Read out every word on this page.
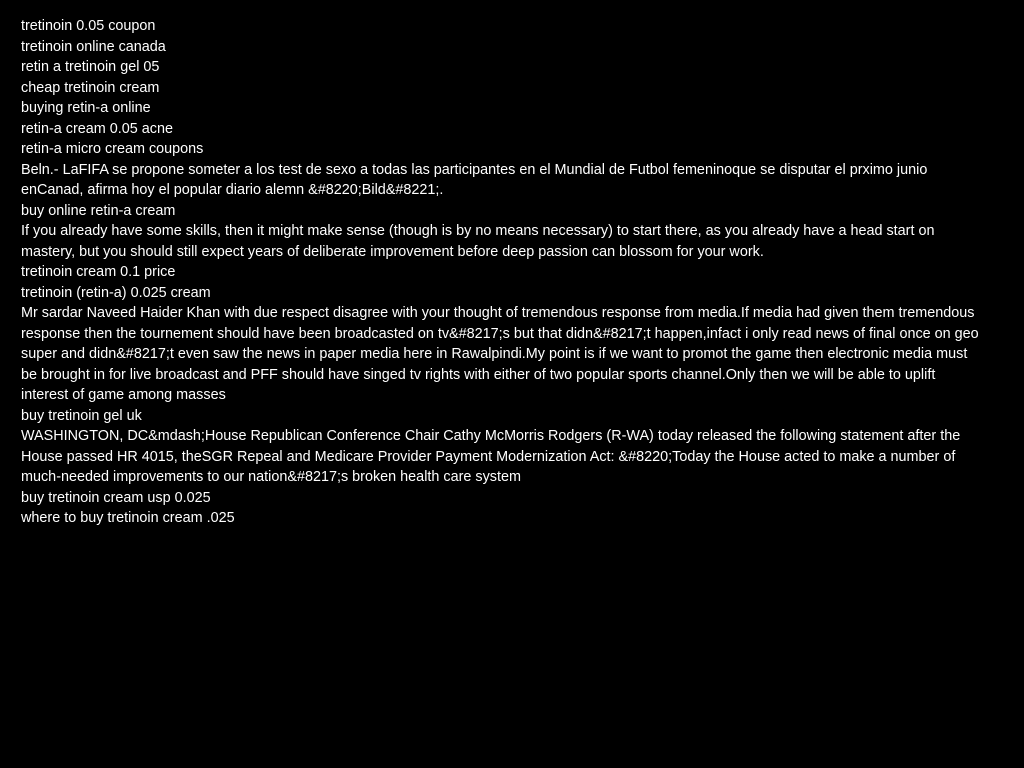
tretinoin 0.05 coupon

tretinoin online canada

retin a tretinoin gel 05

cheap tretinoin cream

buying retin-a online

retin-a cream 0.05 acne

retin-a micro cream coupons

Beln.- LaFIFA se propone someter a los test de sexo a todas las participantes en el Mundial de Futbol femeninoque se disputar el prximo junio enCanad, afirma hoy el popular diario alemn &#8220;Bild&#8221;.

buy online retin-a cream

If you already have some skills, then it might make sense (though is by no means necessary) to start there, as you already have a head start on mastery, but you should still expect years of deliberate improvement before deep passion can blossom for your work.

tretinoin cream 0.1 price

tretinoin (retin-a) 0.025 cream

Mr sardar Naveed Haider Khan with due respect disagree with your thought of tremendous response from media.If media had given them tremendous response then the tournement should have been broadcasted on tv&#8217;s but that didn&#8217;t happen,infact i only read news of final once on geo super and didn&#8217;t even saw the news in paper media here in Rawalpindi.My point is if we want to promot the game then electronic media must be brought in for live broadcast and PFF should have singed tv rights with either of two popular sports channel.Only then we will be able to uplift interest of game among masses

buy tretinoin gel uk

WASHINGTON, DC&mdash;House Republican Conference Chair Cathy McMorris Rodgers (R-WA) today released the following statement after the House passed HR 4015, theSGR Repeal and Medicare Provider Payment Modernization Act: &#8220;Today the House acted to make a number of much-needed improvements to our nation&#8217;s broken health care system

buy tretinoin cream usp 0.025

where to buy tretinoin cream .025
